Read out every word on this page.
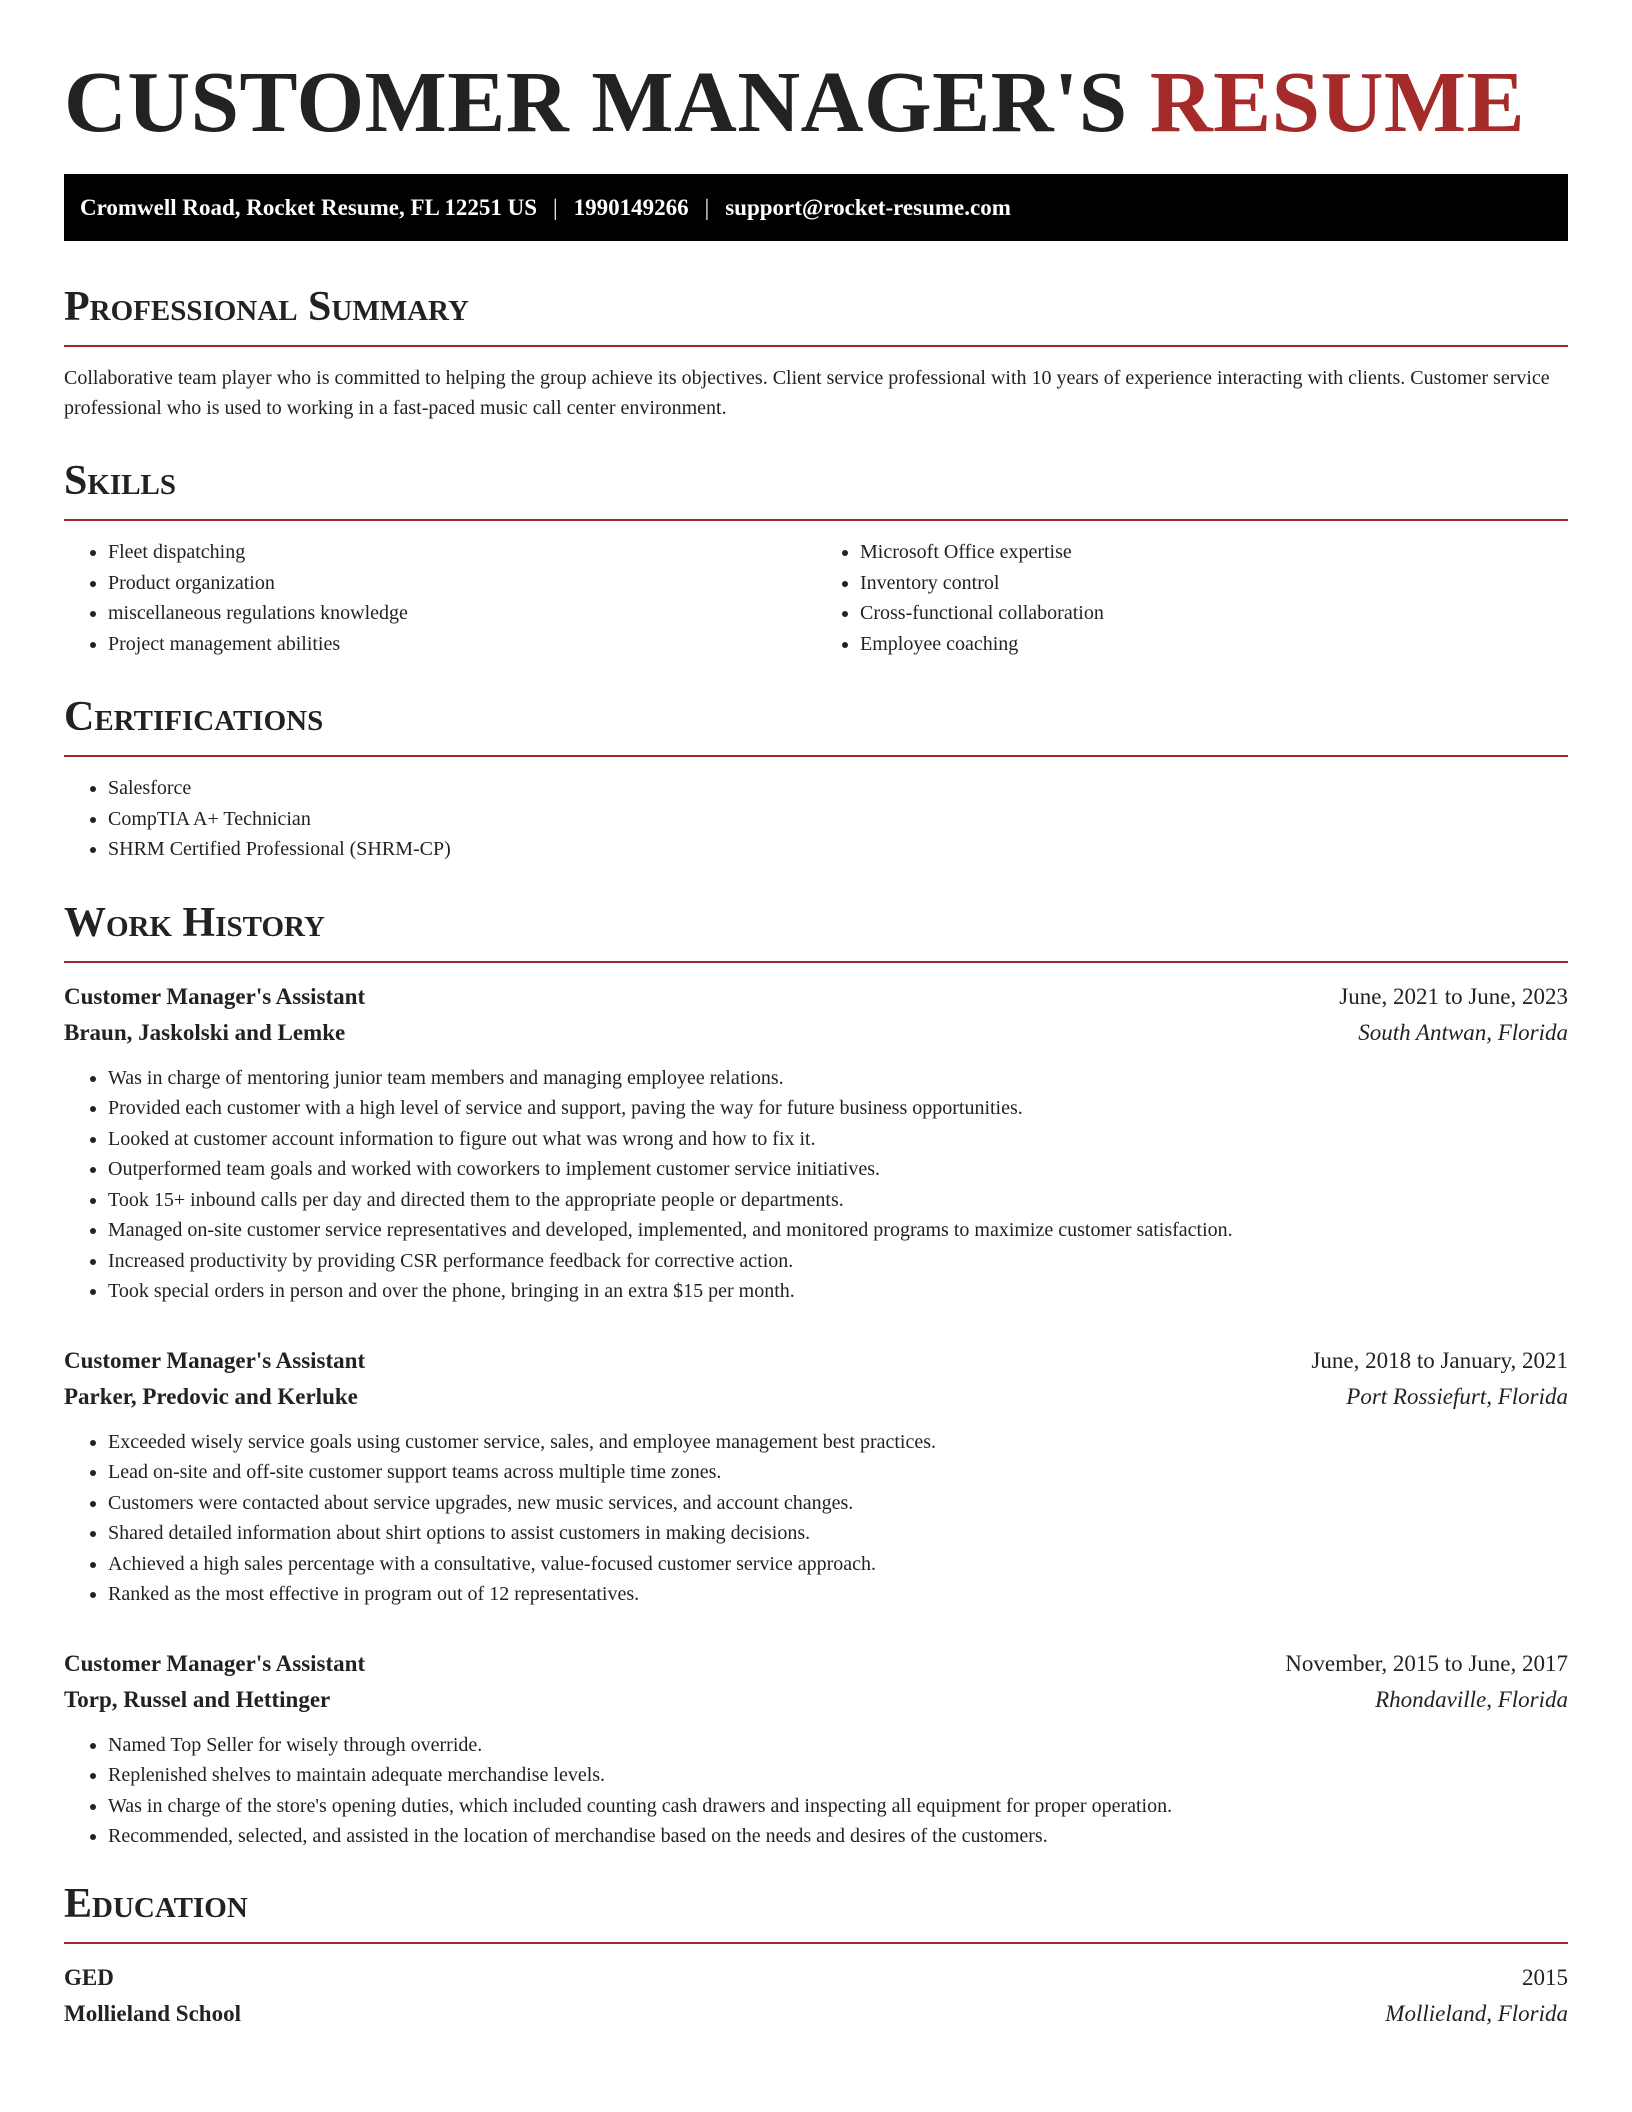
CUSTOMER MANAGER'S RESUME
Cromwell Road, Rocket Resume, FL 12251 US | 1990149266 | support@rocket-resume.com
Professional Summary

Collaborative team player who is committed to helping the group achieve its objectives. Client service professional with 10 years of experience interacting with clients. Customer service professional who is used to working in a fast-paced music call center environment.

Skills
• Fleet dispatching
• Product organization
• miscellaneous regulations knowledge
• Project management abilities
• Microsoft Office expertise
• Inventory control
• Cross-functional collaboration
• Employee coaching
Certifications
• Salesforce
• CompTIA A+ Technician
• SHRM Certified Professional (SHRM-CP)
Work History
Customer Manager's Assistant	June, 2021 to June, 2023
Braun, Jaskolski and Lemke	South Antwan, Florida
• Was in charge of mentoring junior team members and managing employee relations.
• Provided each customer with a high level of service and support, paving the way for future business opportunities.
• Looked at customer account information to figure out what was wrong and how to fix it.
• Outperformed team goals and worked with coworkers to implement customer service initiatives.
• Took 15+ inbound calls per day and directed them to the appropriate people or departments.
• Managed on-site customer service representatives and developed, implemented, and monitored programs to maximize customer satisfaction.
• Increased productivity by providing CSR performance feedback for corrective action.
• Took special orders in person and over the phone, bringing in an extra $15 per month.
Customer Manager's Assistant	June, 2018 to January, 2021
Parker, Predovic and Kerluke	Port Rossiefurt, Florida
• Exceeded wisely service goals using customer service, sales, and employee management best practices.
• Lead on-site and off-site customer support teams across multiple time zones.
• Customers were contacted about service upgrades, new music services, and account changes.
• Shared detailed information about shirt options to assist customers in making decisions.
• Achieved a high sales percentage with a consultative, value-focused customer service approach.
• Ranked as the most effective in program out of 12 representatives.
Customer Manager's Assistant	November, 2015 to June, 2017
Torp, Russel and Hettinger	Rhondaville, Florida
• Named Top Seller for wisely through override.
• Replenished shelves to maintain adequate merchandise levels.
• Was in charge of the store's opening duties, which included counting cash drawers and inspecting all equipment for proper operation.
• Recommended, selected, and assisted in the location of merchandise based on the needs and desires of the customers.
Education
GED	2015
Mollieland School	Mollieland, Florida
